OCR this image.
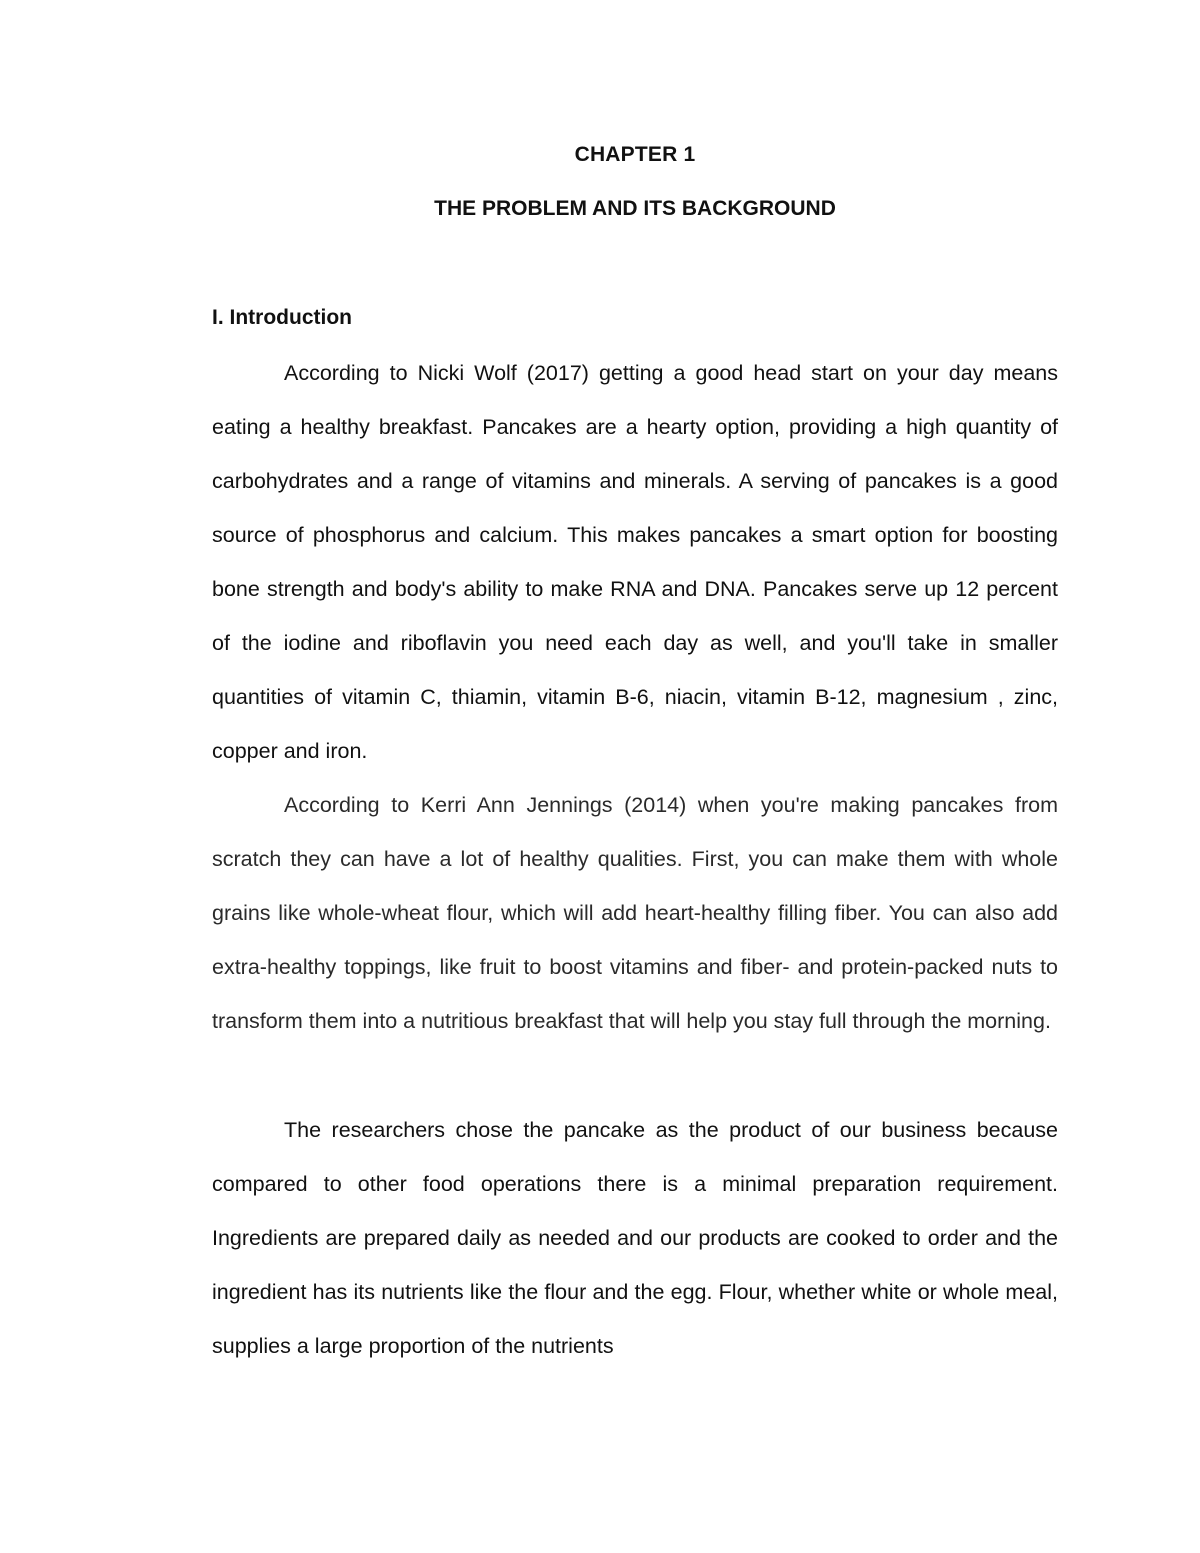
CHAPTER 1
THE PROBLEM AND ITS BACKGROUND
I. Introduction

According to Nicki Wolf (2017) getting a good head start on your day means eating a healthy breakfast. Pancakes are a hearty option, providing a high quantity of carbohydrates and a range of vitamins and minerals. A serving of pancakes is a good source of phosphorus and calcium. This makes pancakes a smart option for boosting bone strength and body's ability to make RNA and DNA. Pancakes serve up 12 percent of the iodine and riboflavin you need each day as well, and you'll take in smaller quantities of vitamin C, thiamin, vitamin B-6, niacin, vitamin B-12, magnesium , zinc, copper and iron.

According to Kerri Ann Jennings (2014) when you're making pancakes from scratch they can have a lot of healthy qualities. First, you can make them with whole grains like whole-wheat flour, which will add heart-healthy filling fiber. You can also add extra-healthy toppings, like fruit to boost vitamins and fiber- and protein-packed nuts to transform them into a nutritious breakfast that will help you stay full through the morning.

The researchers chose the pancake as the product of our business because compared to other food operations there is a minimal preparation requirement. Ingredients are prepared daily as needed and our products are cooked to order and the ingredient has its nutrients like the flour and the egg. Flour, whether white or whole meal, supplies a large proportion of the nutrients
